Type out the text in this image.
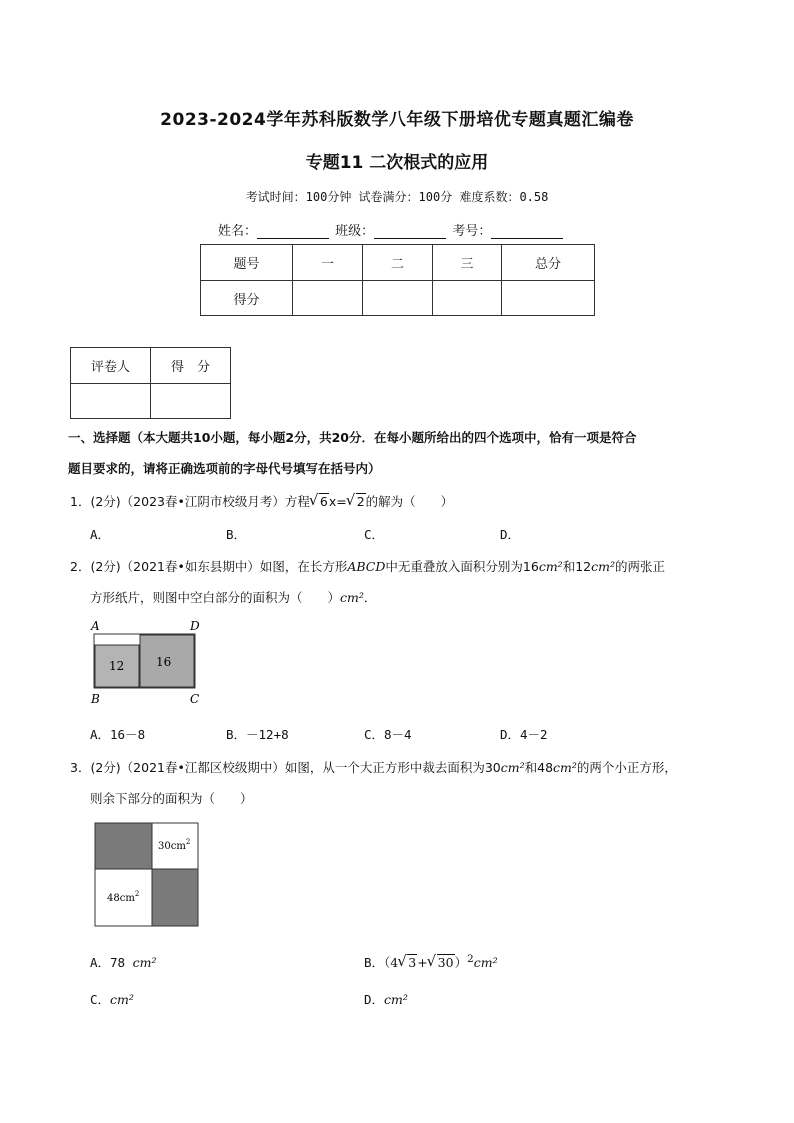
2023-2024学年苏科版数学八年级下册培优专题真题汇编卷
专题11 二次根式的应用
考试时间：100分钟 试卷满分：100分 难度系数：0.58
姓名：	班级：	考号：
题号	一	二	三	总分
得分				
评卷人	得　分

一、选择题（本大题共10小题，每小题2分，共20分．在每小题所给出的四个选项中，恰有一项是符合
题目要求的，请将正确选项前的字母代号填写在括号内）
1．(2分)（2023春•江阴市校级月考）方程 √ 6x= √ 2的解为（　　）
A．	B．	C．	D．
2．(2分)（2021春•如东县期中）如图，在长方形ABCD中无重叠放入面积分别为16cm²和12cm²的两张正
方形纸片，则图中空白部分的面积为（　　）cm²．
12	16
A	D
B	C
A．16－8	B．－12+8	C．8－4	D．4－2
3．(2分)（2021春•江都区校级期中）如图，从一个大正方形中裁去面积为30cm²和48cm²的两个小正方形，
则余下部分的面积为（　　）
$30cm^2$
$48cm^2$
A．78 cm²	B．（4 √ 3+ √ 30）$^2$cm²
C．cm²	D．cm²
